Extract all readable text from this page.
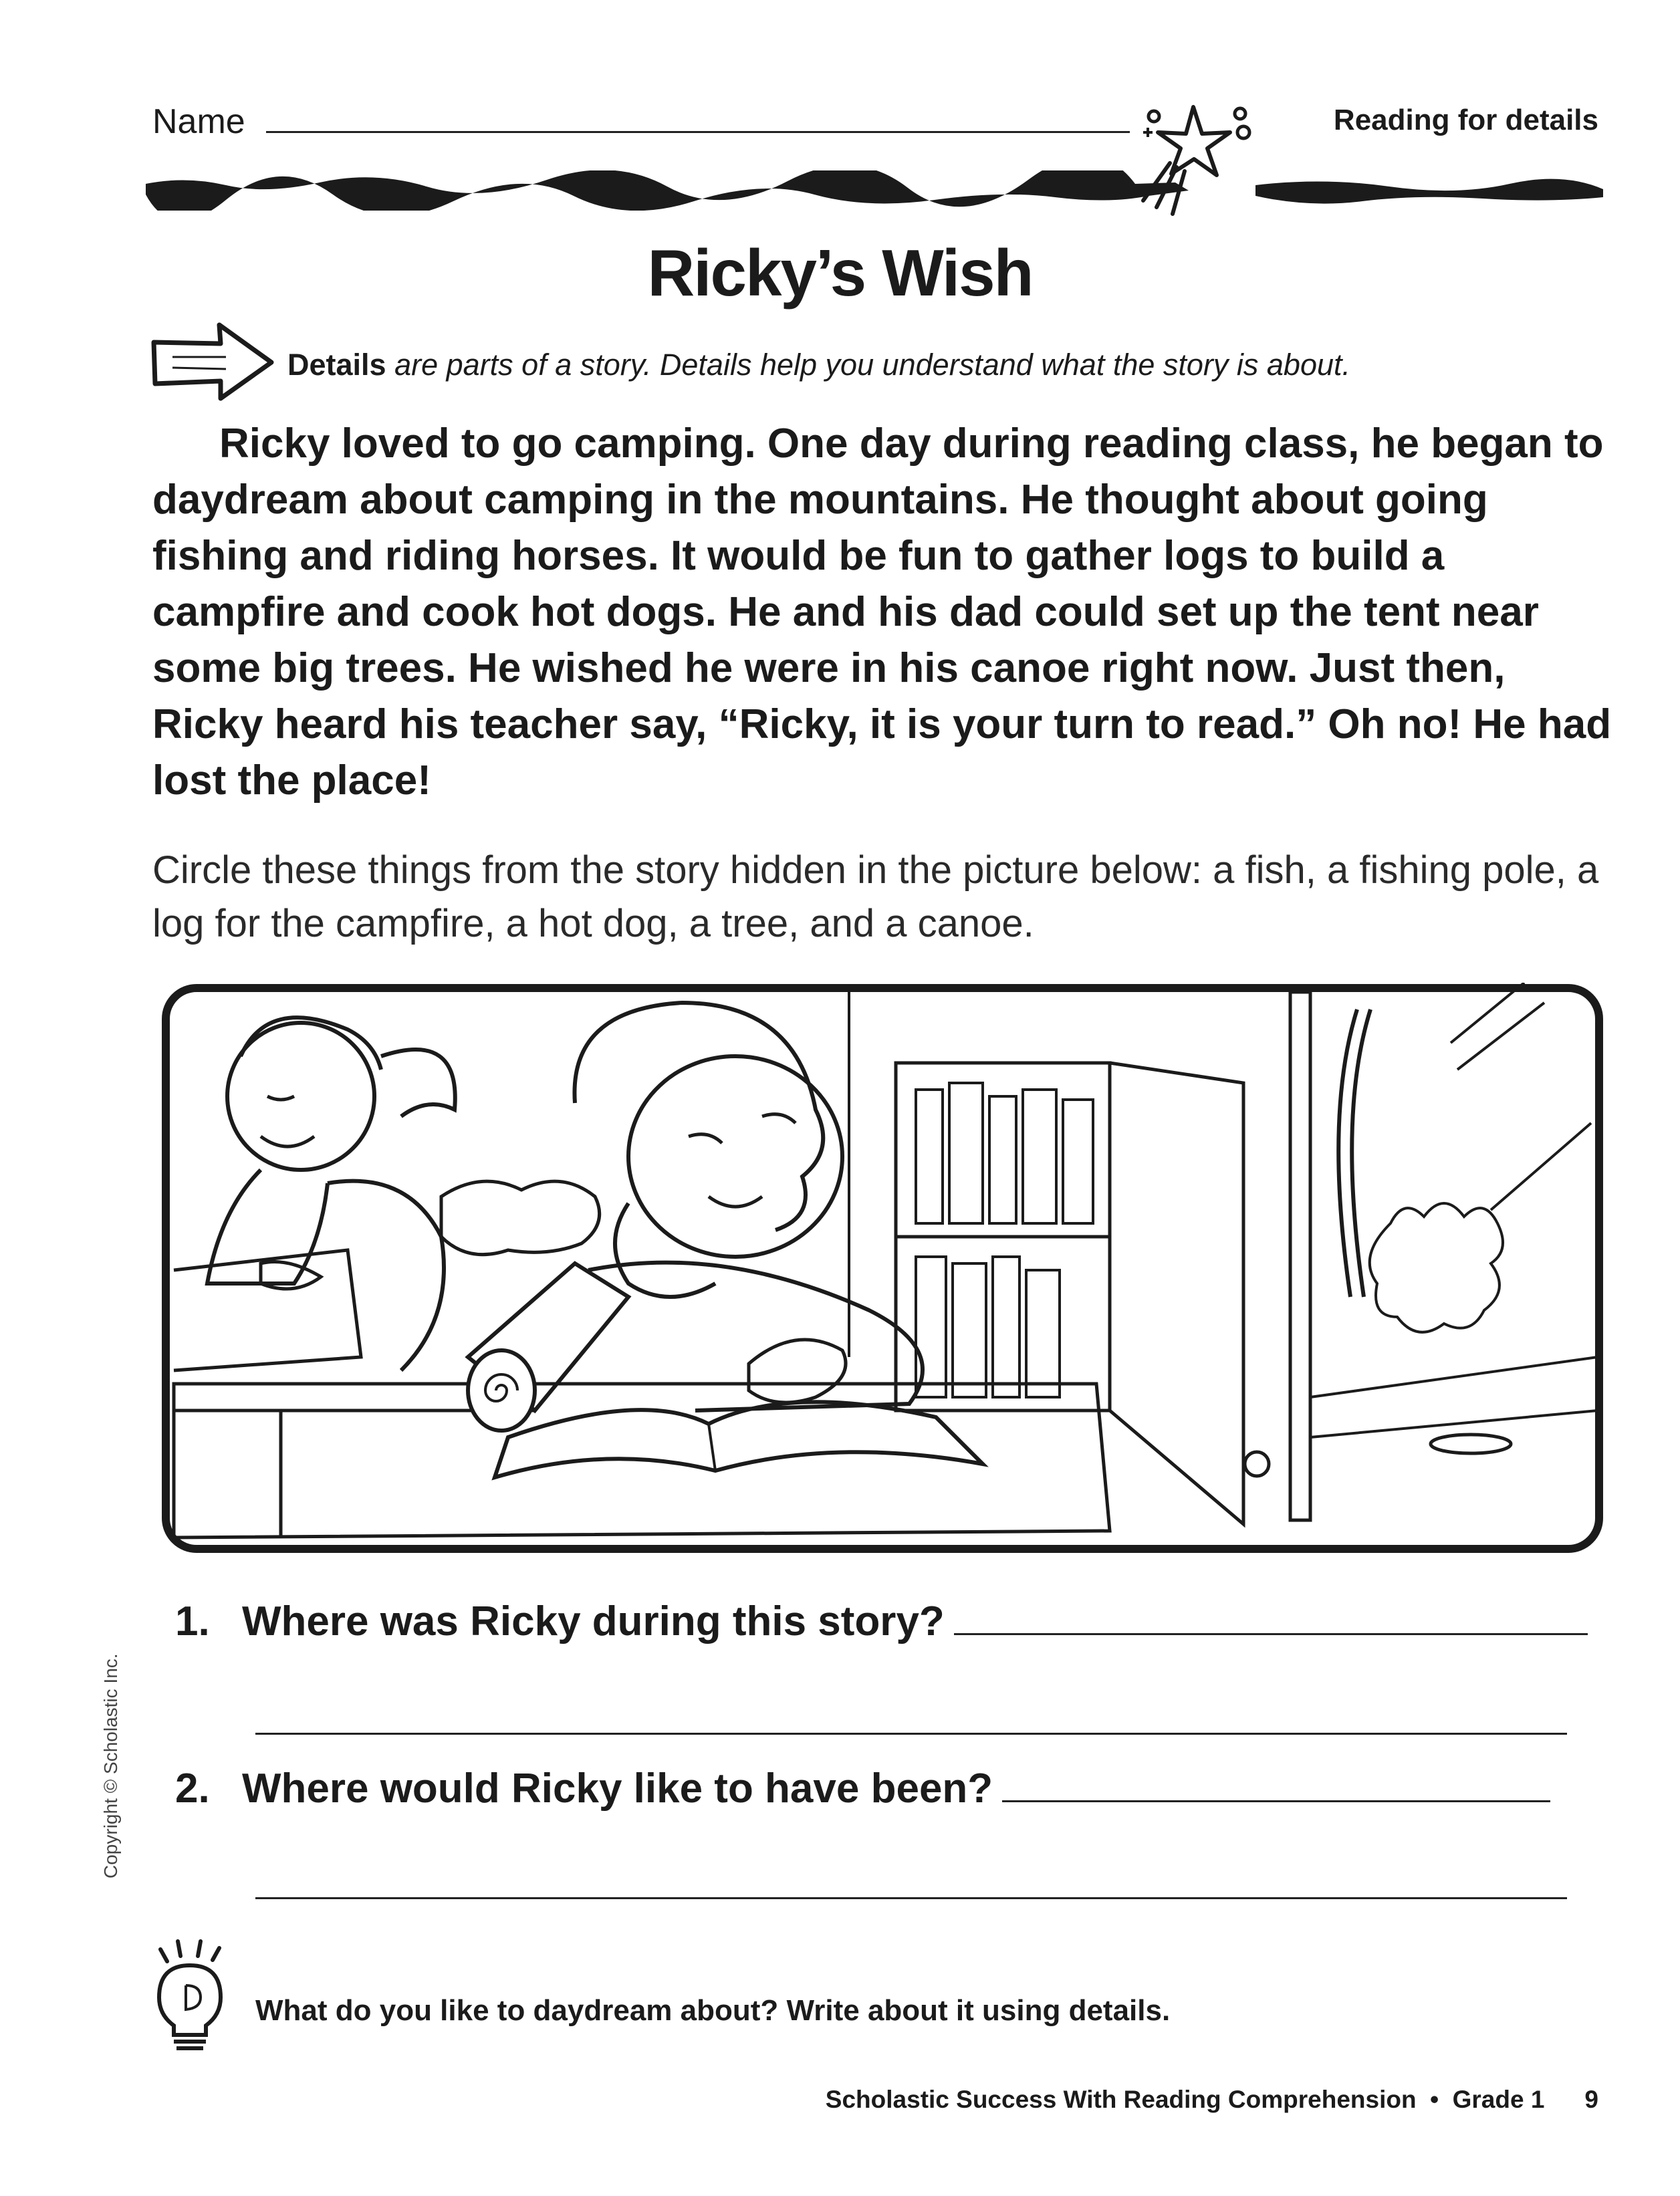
Name	Reading for details
Ricky’s Wish
Details are parts of a story. Details help you understand what the story is about.

Ricky loved to go camping. One day during reading class, he began to daydream about camping in the mountains. He thought about going fishing and riding horses. It would be fun to gather logs to build a campfire and cook hot dogs. He and his dad could set up the tent near some big trees. He wished he were in his canoe right now. Just then, Ricky heard his teacher say, “Ricky, it is your turn to read.” Oh no! He had lost the place!

Circle these things from the story hidden in the picture below: a fish, a fishing pole, a log for the campfire, a hot dog, a tree, and a canoe.
1. Where was Ricky during this story?
2. Where would Ricky like to have been?
Copyright © Scholastic Inc.
What do you like to daydream about? Write about it using details.
Scholastic Success With Reading Comprehension  •  Grade 1 9
